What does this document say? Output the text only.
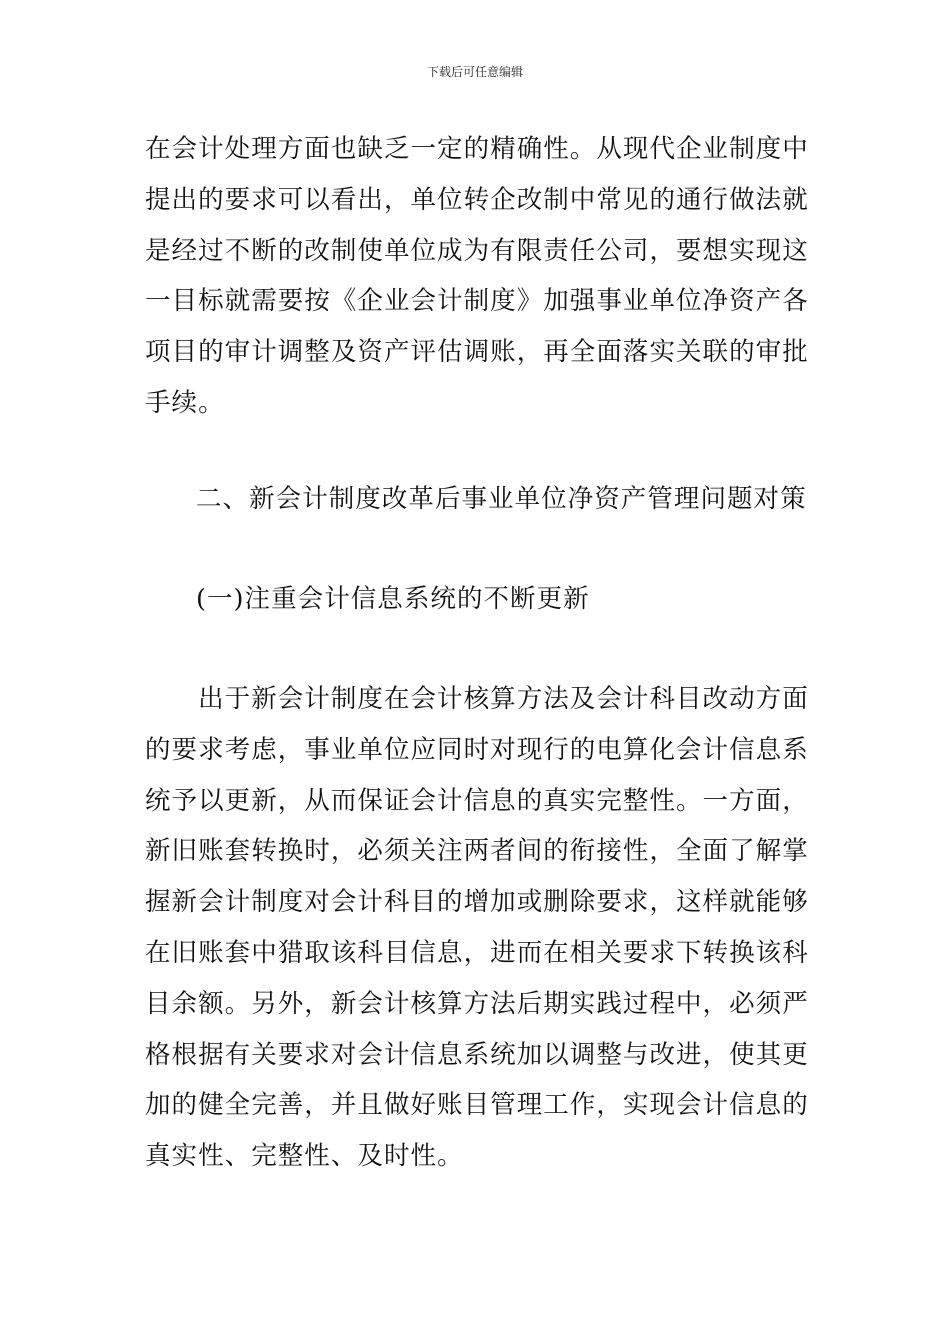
下载后可任意编辑
在会计处理方面也缺乏一定的精确性。从现代企业制度中
提出的要求可以看出，单位转企改制中常见的通行做法就
是经过不断的改制使单位成为有限责任公司，要想实现这
一目标就需要按《企业会计制度》加强事业单位净资产各
项目的审计调整及资产评估调账，再全面落实关联的审批
手续。
二、新会计制度改革后事业单位净资产管理问题对策
(一)注重会计信息系统的不断更新
　　出于新会计制度在会计核算方法及会计科目改动方面
的要求考虑，事业单位应同时对现行的电算化会计信息系
统予以更新，从而保证会计信息的真实完整性。一方面，
新旧账套转换时，必须关注两者间的衔接性，全面了解掌
握新会计制度对会计科目的增加或删除要求，这样就能够
在旧账套中猎取该科目信息，进而在相关要求下转换该科
目余额。另外，新会计核算方法后期实践过程中，必须严
格根据有关要求对会计信息系统加以调整与改进，使其更
加的健全完善，并且做好账目管理工作，实现会计信息的
真实性、完整性、及时性。
